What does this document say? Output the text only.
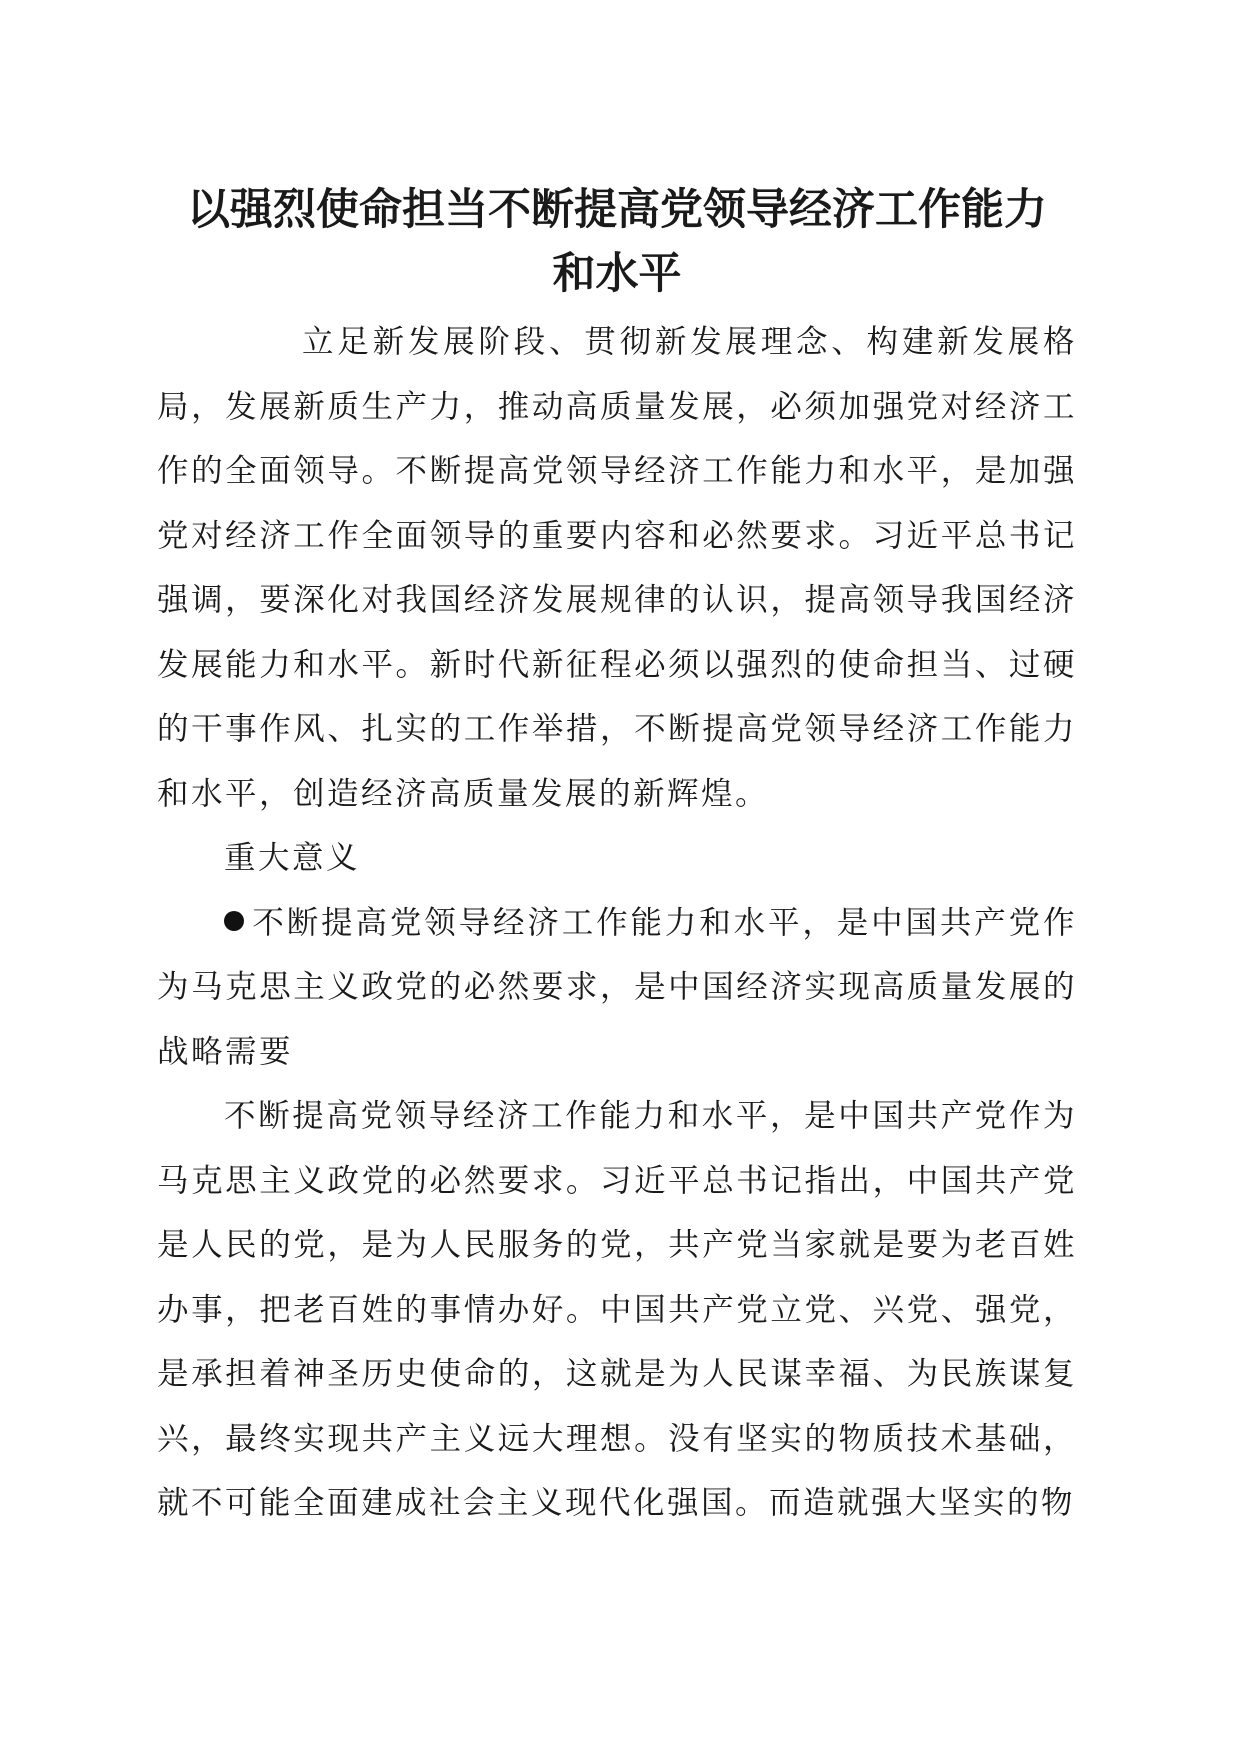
以强烈使命担当不断提高党领导经济工作能力
和水平

立足新发展阶段、贯彻新发展理念、构建新发展格局，发展新质生产力，推动高质量发展，必须加强党对经济工作的全面领导。不断提高党领导经济工作能力和水平，是加强党对经济工作全面领导的重要内容和必然要求。习近平总书记强调，要深化对我国经济发展规律的认识，提高领导我国经济发展能力和水平。新时代新征程必须以强烈的使命担当、过硬的干事作风、扎实的工作举措，不断提高党领导经济工作能力和水平，创造经济高质量发展的新辉煌。

重大意义

不断提高党领导经济工作能力和水平，是中国共产党作为马克思主义政党的必然要求，是中国经济实现高质量发展的战略需要

不断提高党领导经济工作能力和水平，是中国共产党作为马克思主义政党的必然要求。习近平总书记指出，中国共产党是人民的党，是为人民服务的党，共产党当家就是要为老百姓办事，把老百姓的事情办好。中国共产党立党、兴党、强党，是承担着神圣历史使命的，这就是为人民谋幸福、为民族谋复兴，最终实现共产主义远大理想。没有坚实的物质技术基础，就不可能全面建成社会主义现代化强国。而造就强大坚实的物
